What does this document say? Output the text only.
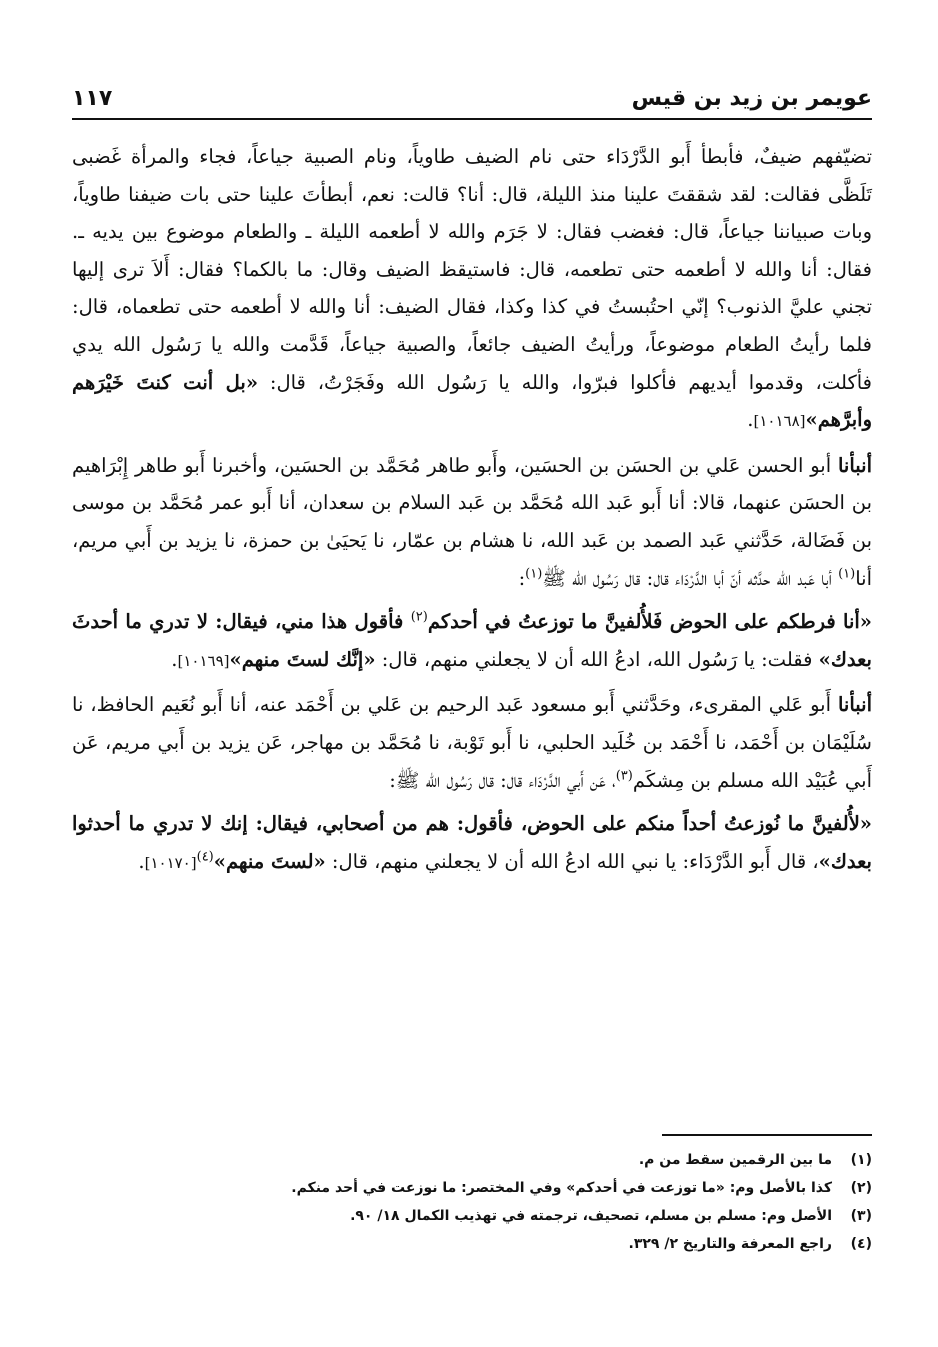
عويمر بن زيد بن قيس
١١٧

تضيّفهم ضيفٌ، فأبطأ أَبو الدَّرْدَاء حتى نام الضيف طاوياً، ونام الصبية جياعاً، فجاء والمرأة غَضبى تَلَظَّى فقالت: لقد شققتَ علينا منذ الليلة، قال: أنا؟ قالت: نعم، أبطأتَ علينا حتى بات ضيفنا طاوياً، وبات صبياننا جياعاً، قال: فغضب فقال: لا جَرَم والله لا أطعمه الليلة ـ والطعام موضوع بين يديه ـ. فقال: أنا والله لا أطعمه حتى تطعمه، قال: فاستيقظ الضيف وقال: ما بالكما؟ فقال: أَلاَ ترى إليها تجني عليَّ الذنوب؟ إنّي احتُبستُ في كذا وكذا، فقال الضيف: أنا والله لا أطعمه حتى تطعماه، قال: فلما رأيتُ الطعام موضوعاً، ورأيتُ الضيف جائعاً، والصبية جياعاً، قَدَّمت والله يا رَسُول الله يدي فأكلت، وقدموا أيديهم فأكلوا فبرّوا، والله يا رَسُول الله وفَجَرْتُ، قال: «بل أنت كنتَ خَيْرَهم وأبرَّهم»[١٠١٦٨].

أنبأنا أبو الحسن عَلي بن الحسَن بن الحسَين، وأَبو طاهر مُحَمَّد بن الحسَين، وأخبرنا أَبو طاهر إِبْرَاهيم بن الحسَن عنهما، قالا: أنا أَبو عَبد الله مُحَمَّد بن عَبد السلام بن سعدان، أنا أَبو عمر مُحَمَّد بن موسى بن فَضَالة، حَدَّثني عَبد الصمد بن عَبد الله، نا هشام بن عمّار، نا يَحيَىٰ بن حمزة، نا يزيد بن أَبي مريم، أنا$^{(١)}$ أبا عَبد الله حدَّثه أنّ أبا الدَّرْدَاء قال: قال رَسُول الله ﷺ$^{(١)}$:

«أنا فرطكم على الحوض فَلأُلفينَّ ما توزعتُ في أحدكم$^{(٢)}$ فأقول هذا مني، فيقال: لا تدري ما أحدثَ بعدك» فقلت: يا رَسُول الله، ادعُ الله أن لا يجعلني منهم، قال: «إنَّك لستَ منهم»[١٠١٦٩].

أنبأنا أَبو عَلي المقرىء، وحَدَّثني أَبو مسعود عَبد الرحيم بن عَلي بن أَحْمَد عنه، أنا أَبو نُعَيم الحافظ، نا سُلَيْمَان بن أَحْمَد، نا أَحْمَد بن خُلَيد الحلبي، نا أَبو تَوْبة، نا مُحَمَّد بن مهاجر، عَن يزيد بن أَبي مريم، عَن أَبي عُبَيْد الله مسلم بن مِشكَم$^{(٣)}$، عَن أَبي الدَّرْدَاء قال: قال رَسُول الله ﷺ:

«لأُلفينَّ ما نُوزعتُ أحداً منكم على الحوض، فأقول: هم من أصحابي، فيقال: إنك لا تدري ما أحدثوا بعدك»، قال أَبو الدَّرْدَاء: يا نبي الله ادعُ الله أن لا يجعلني منهم، قال: «لستَ منهم»$^{(٤)}$[١٠١٧٠].

(١)
ما بين الرقمين سقط من م.
(٢)
كذا بالأصل وم: «ما توزعت في أحدكم» وفي المختصر: ما نوزعت في أحد منكم.
(٣)
الأصل وم: مسلم بن مسلم، تصحيف، ترجمته في تهذيب الكمال ١٨/ ٩٠.
(٤)
راجع المعرفة والتاريخ ٢/ ٣٢٩.
